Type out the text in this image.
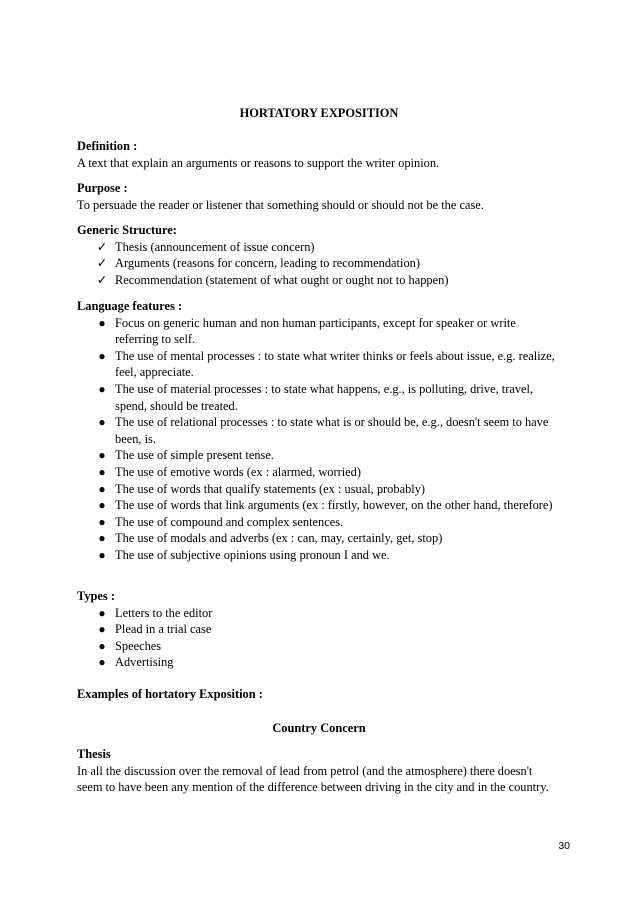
HORTATORY EXPOSITION
Definition :
A text that explain an arguments or reasons to support the writer opinion.
Purpose :
To persuade the reader or listener that something should or should not be the case.
Generic Structure:
✓ Thesis (announcement of issue concern)
✓ Arguments (reasons for concern, leading to recommendation)
✓ Recommendation (statement of what ought or ought not to happen)
Language features :
● Focus on generic human and non human participants, except for speaker or write referring to self.
● The use of mental processes : to state what writer thinks or feels about issue, e.g. realize, feel, appreciate.
● The use of material processes : to state what happens, e.g., is polluting, drive, travel, spend, should be treated.
● The use of relational processes : to state what is or should be, e.g., doesn't seem to have been, is.
● The use of simple present tense.
● The use of emotive words (ex : alarmed, worried)
● The use of words that qualify statements (ex : usual, probably)
● The use of words that link arguments (ex : firstly, however, on the other hand, therefore)
● The use of compound and complex sentences.
● The use of modals and adverbs (ex : can, may, certainly, get, stop)
● The use of subjective opinions using pronoun I and we.
Types :
● Letters to the editor
● Plead in a trial case
● Speeches
● Advertising
Examples of hortatory Exposition :
Country Concern
Thesis
In all the discussion over the removal of lead from petrol (and the atmosphere) there doesn't seem to have been any mention of the difference between driving in the city and in the country.
30
